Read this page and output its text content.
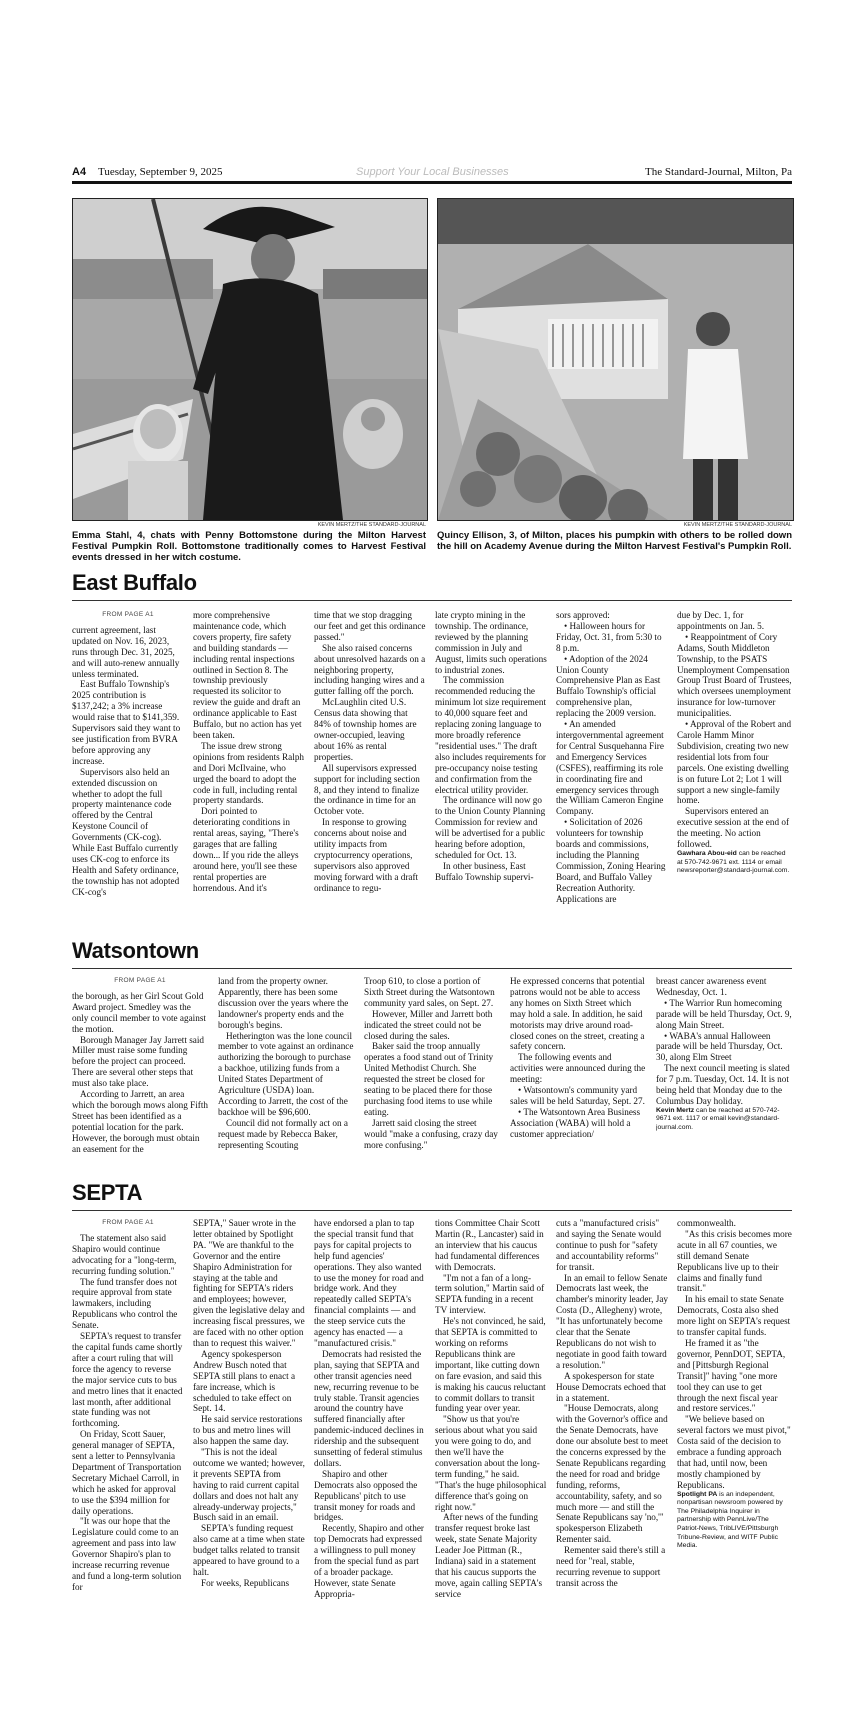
A4 Tuesday, September 9, 2025	Support Your Local Businesses	The Standard-Journal, Milton, Pa
KEVIN MERTZ/THE STANDARD-JOURNAL
Emma Stahl, 4, chats with Penny Bottomstone during the Milton Harvest Festival Pumpkin Roll. Bottomstone traditionally comes to Harvest Festival events dressed in her witch costume.
KEVIN MERTZ/THE STANDARD-JOURNAL
Quincy Ellison, 3, of Milton, places his pumpkin with others to be rolled down the hill on Academy Avenue during the Milton Harvest Festival's Pumpkin Roll.
East Buffalo
FROM PAGE A1

current agreement, last updated on Nov. 16, 2023, runs through Dec. 31, 2025, and will auto-renew annually unless terminated.

East Buffalo Township's 2025 contribution is $137,242; a 3% increase would raise that to $141,359. Supervisors said they want to see justification from BVRA before approving any increase.

Supervisors also held an extended discussion on whether to adopt the full property maintenance code offered by the Central Keystone Council of Governments (CK-cog). While East Buffalo currently uses CK-cog to enforce its Health and Safety ordinance, the township has not adopted CK-cog's

more comprehensive maintenance code, which covers property, fire safety and building standards — including rental inspections outlined in Section 8. The township previously requested its solicitor to review the guide and draft an ordinance applicable to East Buffalo, but no action has yet been taken.

The issue drew strong opinions from residents Ralph and Dori McIlvaine, who urged the board to adopt the code in full, including rental property standards.

Dori pointed to deteriorating conditions in rental areas, saying, "There's garages that are falling down... If you ride the alleys around here, you'll see these rental properties are horrendous. And it's

time that we stop dragging our feet and get this ordinance passed."

She also raised concerns about unresolved hazards on a neighboring property, including hanging wires and a gutter falling off the porch.

McLaughlin cited U.S. Census data showing that 84% of township homes are owner-occupied, leaving about 16% as rental properties.

All supervisors expressed support for including section 8, and they intend to finalize the ordinance in time for an October vote.

In response to growing concerns about noise and utility impacts from cryptocurrency operations, supervisors also approved moving forward with a draft ordinance to regu-

late crypto mining in the township. The ordinance, reviewed by the planning commission in July and August, limits such operations to industrial zones.

The commission recommended reducing the minimum lot size requirement to 40,000 square feet and replacing zoning language to more broadly reference "residential uses." The draft also includes requirements for pre-occupancy noise testing and confirmation from the electrical utility provider.

The ordinance will now go to the Union County Planning Commission for review and will be advertised for a public hearing before adoption, scheduled for Oct. 13.

In other business, East Buffalo Township supervi-

sors approved:

• Halloween hours for Friday, Oct. 31, from 5:30 to 8 p.m.

• Adoption of the 2024 Union County Comprehensive Plan as East Buffalo Township's official comprehensive plan, replacing the 2009 version.

• An amended intergovernmental agreement for Central Susquehanna Fire and Emergency Services (CSFES), reaffirming its role in coordinating fire and emergency services through the William Cameron Engine Company.

• Solicitation of 2026 volunteers for township boards and commissions, including the Planning Commission, Zoning Hearing Board, and Buffalo Valley Recreation Authority. Applications are

due by Dec. 1, for appointments on Jan. 5.

• Reappointment of Cory Adams, South Middleton Township, to the PSATS Unemployment Compensation Group Trust Board of Trustees, which oversees unemployment insurance for low-turnover municipalities.

• Approval of the Robert and Carole Hamm Minor Subdivision, creating two new residential lots from four parcels. One existing dwelling is on future Lot 2; Lot 1 will support a new single-family home.

Supervisors entered an executive session at the end of the meeting. No action followed.

Gawhara Abou-eid can be reached at 570-742-9671 ext. 1114 or email newsreporter@standard-journal.com.

Watsontown
FROM PAGE A1

the borough, as her Girl Scout Gold Award project. Smedley was the only council member to vote against the motion.

Borough Manager Jay Jarrett said Miller must raise some funding before the project can proceed. There are several other steps that must also take place.

According to Jarrett, an area which the borough mows along Fifth Street has been identified as a potential location for the park. However, the borough must obtain an easement for the

land from the property owner. Apparently, there has been some discussion over the years where the landowner's property ends and the borough's begins.

Hetherington was the lone council member to vote against an ordinance authorizing the borough to purchase a backhoe, utilizing funds from a United States Department of Agriculture (USDA) loan. According to Jarrett, the cost of the backhoe will be $96,600.

Council did not formally act on a request made by Rebecca Baker, representing Scouting

Troop 610, to close a portion of Sixth Street during the Watsontown community yard sales, on Sept. 27.

However, Miller and Jarrett both indicated the street could not be closed during the sales.

Baker said the troop annually operates a food stand out of Trinity United Methodist Church. She requested the street be closed for seating to be placed there for those purchasing food items to use while eating.

Jarrett said closing the street would "make a confusing, crazy day more confusing."

He expressed concerns that potential patrons would not be able to access any homes on Sixth Street which may hold a sale. In addition, he said motorists may drive around road-closed cones on the street, creating a safety concern.

The following events and activities were announced during the meeting:

• Watsontown's community yard sales will be held Saturday, Sept. 27.

• The Watsontown Area Business Association (WABA) will hold a customer appreciation/

breast cancer awareness event Wednesday, Oct. 1.

• The Warrior Run homecoming parade will be held Thursday, Oct. 9, along Main Street.

• WABA's annual Halloween parade will be held Thursday, Oct. 30, along Elm Street

The next council meeting is slated for 7 p.m. Tuesday, Oct. 14. It is not being held that Monday due to the Columbus Day holiday.

Kevin Mertz can be reached at 570-742-9671 ext. 1117 or email kevin@standard-journal.com.

SEPTA
FROM PAGE A1

The statement also said Shapiro would continue advocating for a "long-term, recurring funding solution."

The fund transfer does not require approval from state lawmakers, including Republicans who control the Senate.

SEPTA's request to transfer the capital funds came shortly after a court ruling that will force the agency to reverse the major service cuts to bus and metro lines that it enacted last month, after additional state funding was not forthcoming.

On Friday, Scott Sauer, general manager of SEPTA, sent a letter to Pennsylvania Department of Transportation Secretary Michael Carroll, in which he asked for approval to use the $394 million for daily operations.

"It was our hope that the Legislature could come to an agreement and pass into law Governor Shapiro's plan to increase recurring revenue and fund a long-term solution for

SEPTA," Sauer wrote in the letter obtained by Spotlight PA. "We are thankful to the Governor and the entire Shapiro Administration for staying at the table and fighting for SEPTA's riders and employees; however, given the legislative delay and increasing fiscal pressures, we are faced with no other option than to request this waiver."

Agency spokesperson Andrew Busch noted that SEPTA still plans to enact a fare increase, which is scheduled to take effect on Sept. 14.

He said service restorations to bus and metro lines will also happen the same day.

"This is not the ideal outcome we wanted; however, it prevents SEPTA from having to raid current capital dollars and does not halt any already-underway projects," Busch said in an email.

SEPTA's funding request also came at a time when state budget talks related to transit appeared to have ground to a halt.

For weeks, Republicans

have endorsed a plan to tap the special transit fund that pays for capital projects to help fund agencies' operations. They also wanted to use the money for road and bridge work. And they repeatedly called SEPTA's financial complaints — and the steep service cuts the agency has enacted — a "manufactured crisis."

Democrats had resisted the plan, saying that SEPTA and other transit agencies need new, recurring revenue to be truly stable. Transit agencies around the country have suffered financially after pandemic-induced declines in ridership and the subsequent sunsetting of federal stimulus dollars.

Shapiro and other Democrats also opposed the Republicans' pitch to use transit money for roads and bridges.

Recently, Shapiro and other top Democrats had expressed a willingness to pull money from the special fund as part of a broader package. However, state Senate Appropria-

tions Committee Chair Scott Martin (R., Lancaster) said in an interview that his caucus had fundamental differences with Democrats.

"I'm not a fan of a long-term solution," Martin said of SEPTA funding in a recent TV interview.

He's not convinced, he said, that SEPTA is committed to working on reforms Republicans think are important, like cutting down on fare evasion, and said this is making his caucus reluctant to commit dollars to transit funding year over year.

"Show us that you're serious about what you said you were going to do, and then we'll have the conversation about the long-term funding," he said. "That's the huge philosophical difference that's going on right now."

After news of the funding transfer request broke last week, state Senate Majority Leader Joe Pittman (R., Indiana) said in a statement that his caucus supports the move, again calling SEPTA's service

cuts a "manufactured crisis" and saying the Senate would continue to push for "safety and accountability reforms" for transit.

In an email to fellow Senate Democrats last week, the chamber's minority leader, Jay Costa (D., Allegheny) wrote, "It has unfortunately become clear that the Senate Republicans do not wish to negotiate in good faith toward a resolution."

A spokesperson for state House Democrats echoed that in a statement.

"House Democrats, along with the Governor's office and the Senate Democrats, have done our absolute best to meet the concerns expressed by the Senate Republicans regarding the need for road and bridge funding, reforms, accountability, safety, and so much more — and still the Senate Republicans say 'no,'" spokesperson Elizabeth Rementer said.

Rementer said there's still a need for "real, stable, recurring revenue to support transit across the

commonwealth.

"As this crisis becomes more acute in all 67 counties, we still demand Senate Republicans live up to their claims and finally fund transit."

In his email to state Senate Democrats, Costa also shed more light on SEPTA's request to transfer capital funds.

He framed it as "the governor, PennDOT, SEPTA, and [Pittsburgh Regional Transit]" having "one more tool they can use to get through the next fiscal year and restore services."

"We believe based on several factors we must pivot," Costa said of the decision to embrace a funding approach that had, until now, been mostly championed by Republicans.

Spotlight PA is an independent, nonpartisan newsroom powered by The Philadelphia Inquirer in partnership with PennLive/The Patriot-News, TribLIVE/Pittsburgh Tribune-Review, and WITF Public Media.
